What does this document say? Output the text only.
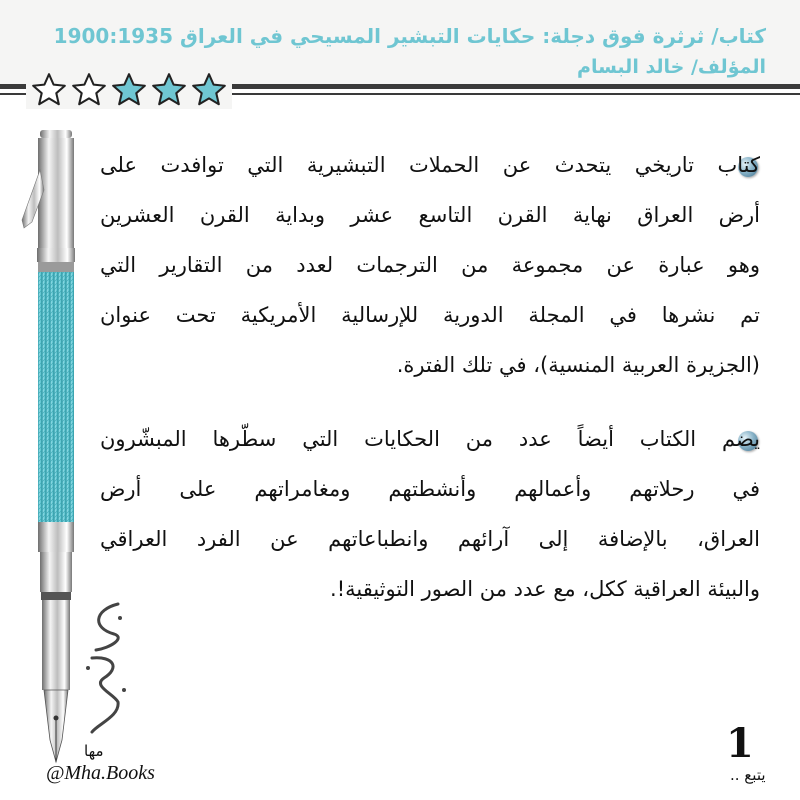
كتاب/ ثرثرة فوق دجلة: حكايات التبشير المسيحي في العراق 1900:1935
المؤلف/ خالد البسام
كتاب تاريخي يتحدث عن الحملات التبشيرية التي توافدت على
أرض العراق نهاية القرن التاسع عشر وبداية القرن العشرين
وهو عبارة عن مجموعة من الترجمات لعدد من التقارير التي
تم نشرها في المجلة الدورية للإرسالية الأمريكية تحت عنوان
(الجزيرة العربية المنسية)، في تلك الفترة.
يضم الكتاب أيضاً عدد من الحكايات التي سطّرها المبشّرون
في رحلاتهم وأعمالهم وأنشطتهم ومغامراتهم على أرض
العراق، بالإضافة إلى آرائهم وانطباعاتهم عن الفرد العراقي
والبيئة العراقية ككل، مع عدد من الصور التوثيقية!.
مها
@Mha.Books
1
يتبع ..
